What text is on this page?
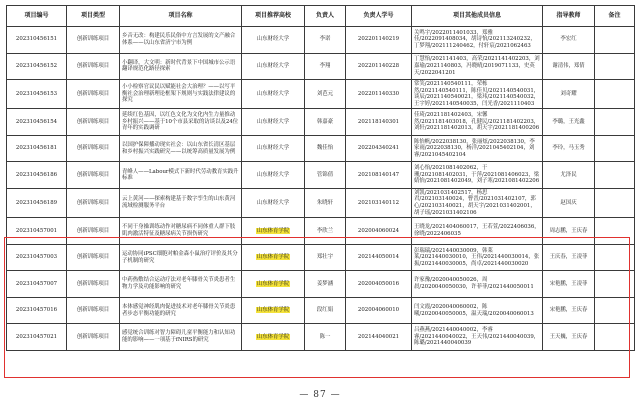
项目编号	项目类型	项目名称	项目推荐高校	负责人	负责人学号	项目其他成员信息	指导教师	备注
202310456151	创新训练项目	乡音无改：构建民乐民俗中方言发展的文产融合体系——以山东省济宁市为例	山东财经大学	李诺	202201140219	关鸣宇/2022011401033，郑雅佳/2022091408034，胡诗怡/202113240232，丁梦翔/202111240462，付轩宸/2021062463	李宏红	
202310456152	创新训练项目	小翻译，大文明：新时代背景下中国城市公示语翻译规范化路径探索	山东财经大学	李翔	202201140228	丁慧怡/2021141403，高荣/2021141402203，刘嘉瑜/2021140803，冯晓晴/2019071133，史英天/2022041201	谢清伟，郑倩	
202310456153	创新训练项目	小小检察官议民以赋能社会大治理？——以写平衡社会治理新理论框架下规则与实践法律建议的探究	山东财经大学	刘芭元	202201140330	常笑/2021140540111，荣栋然/2021140540111，陈佳贝/2021140540031，谈辰/2021140540021，梁玮/2021140540032，王宇婷/2021140540035，闫光香/2021110403	刘奇耀	
202310456154	创新训练项目	延续红色基因，以红色文化为文化内生力量推动乡村振兴——基于10个市县采取的访谈以及24位青年的实践调研	山东财经大学	韩嘉豪	202118140301	佳琦/2021181402403，宋馨然/2021181403018，孔健民/2021181402203，刘轩/2021181402013，胡天宇/2021181400206	李璐，王光鑫	
202310456181	创新训练项目	以国护保障播动现实社会：以山东省长清区基层和乡村振兴实践研究——以统筹高质量发展为例	山东财经大学	魏佳怡	202204340241	陈怡帆/2022038130，张丽炫/2022038130，李家雨/2022038130，杨洋/2021045402104，刘睿/2021045402104	李玲，马玉秀	
202310456186	创新训练项目	青峰人——Labour模式下新时代劳动教育实践升标准	山东财经大学	管锦倩	202108140147	刘心怡/2021081402062，于珊/2021081402031，于萍/2021081406023，梁婧怡/2021081402049，刘子寒/2021081402206	尤泽民	
202310456189	创新训练项目	云上黄河——探索构建基于数字孪生的山东黄河流域检测服务平台	山东财经大学	朱晓轩	202103140112	刘凯/2021031402517，杨思君/202103140024，曹晋/2021031402107，郭心/202103140021，胡天宇/2021031402001，胡子瑶/2021031402106	赵国庆	
202310457001	创新训练项目	不同干身操训练动作对糖尿病不同体重人群下肢肌肉激活特征及糖尿病关节损伤研究	山东体育学院	李欣兰	202004060024	王晓龙/2021404060017，王若萱/2022406036，徐晓/2022406035	周志鹏，王庆春	
202310457003	创新训练项目	运动协同iPSC细胞对帕金森小鼠治疗评价及其分子机制的研究	山东体育学院	郑壮宇	202144050014	彭瑞瑞/2021440030009，韩莱莱/2021440030010，王伟/2021440030014，张振/2021440030005，尚卓/2021440030020	王庆春，王凌菲	
202310457007	创新训练项目	中药热敷结合运动疗法对老年膝骨关节炎患者生物力学及功能影响的研究	山东体育学院	姜梦涵	202004050016	许家豫/2020040050026，周晨/2020040050030，许菲菲/2021440050011	宋艳鹏，王凌菲	
202310457016	创新训练项目	本体感觉神经肌肉促进技术对老年膝骨关节炎患者步态平衡功能的研究	山东体育学院	段红娟	202004060010	闫文霞/2020040060002，陈曦/2020040050005，温天瑞/2020040060013	宋艳鹏，王庆春	
202310457021	创新训练项目	感觉统合训练对智力障碍儿童平衡能力和认知功能的影响——一项基于fNIRS的研究	山东体育学院	陈一	202144040021	吕燕燕/2021440040002，李睿睿/2021440040022，王天伟/2021440040039，陈璐/2021440040039	王天巍，王庆春	
— 87 —
